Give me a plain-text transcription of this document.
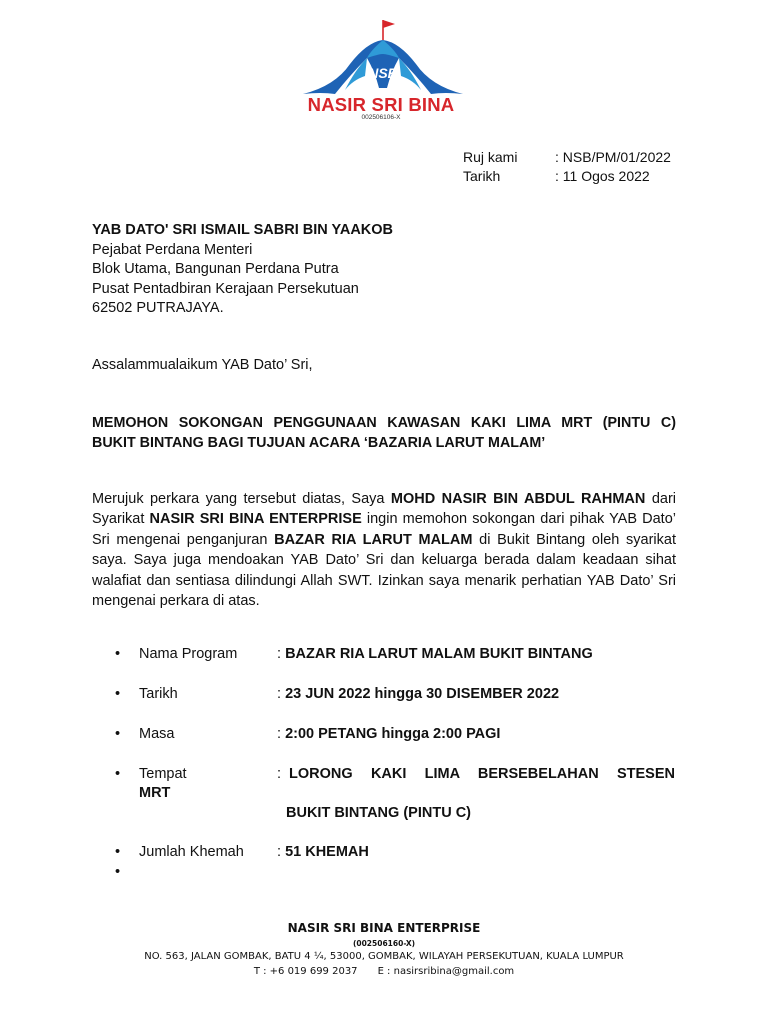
NSB
NASIR SRI BINA
002506106-X
Ruj kami	: NSB/PM/01/2022
Tarikh	: 11 Ogos 2022
YAB DATO' SRI ISMAIL SABRI BIN YAAKOB
Pejabat Perdana Menteri
Blok Utama, Bangunan Perdana Putra
Pusat Pentadbiran Kerajaan Persekutuan
62502 PUTRAJAYA.
Assalammualaikum YAB Dato’ Sri,
MEMOHON SOKONGAN PENGGUNAAN KAWASAN KAKI LIMA MRT (PINTU C)
BUKIT BINTANG BAGI TUJUAN ACARA ‘BAZARIA LARUT MALAM’
Merujuk perkara yang tersebut diatas, Saya MOHD NASIR BIN ABDUL RAHMAN dari Syarikat NASIR SRI BINA ENTERPRISE ingin memohon sokongan dari pihak YAB Dato’ Sri mengenai penganjuran BAZAR RIA LARUT MALAM di Bukit Bintang oleh syarikat saya. Saya juga mendoakan YAB Dato’ Sri dan keluarga berada dalam keadaan sihat walafiat dan sentiasa dilindungi Allah SWT. Izinkan saya menarik perhatian YAB Dato’ Sri mengenai perkara di atas.
• Nama Program	: BAZAR RIA LARUT MALAM BUKIT BINTANG
• Tarikh	: 23 JUN 2022 hingga 30 DISEMBER 2022
• Masa	: 2:00 PETANG hingga 2:00 PAGI
• Tempat	: LORONG KAKI LIMA BERSEBELAHAN STESEN
MRT
BUKIT BINTANG (PINTU C)
• Jumlah Khemah : 51 KHEMAH
•
NASIR SRI BINA ENTERPRISE
(002506160-X)
NO. 563, JALAN GOMBAK, BATU 4 ¼, 53000, GOMBAK, WILAYAH PERSEKUTUAN, KUALA LUMPUR
T : +6 019 699 2037 E : nasirsribina@gmail.com
